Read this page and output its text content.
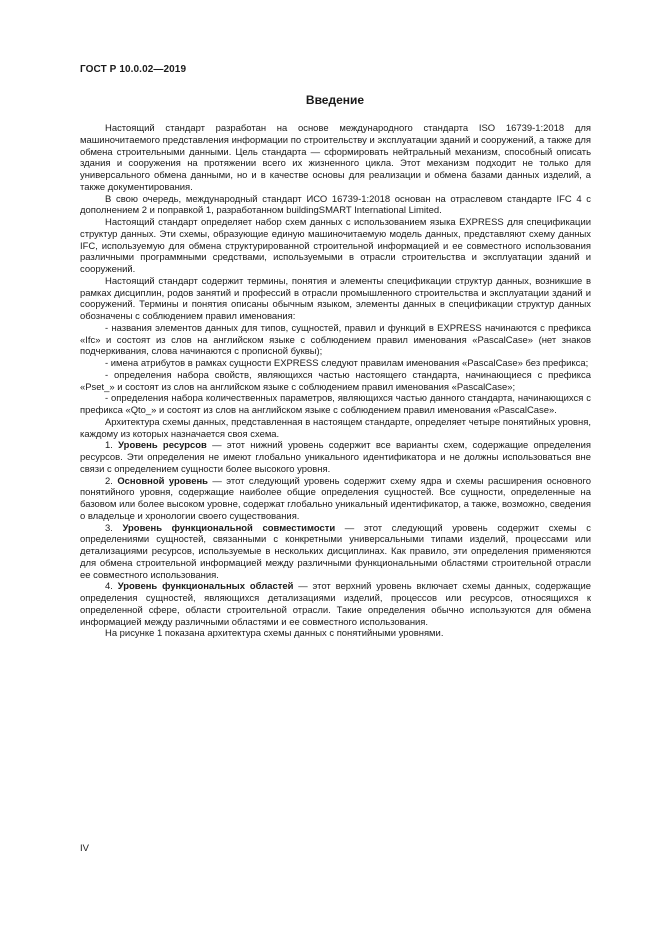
ГОСТ Р 10.0.02—2019
Введение

Настоящий стандарт разработан на основе международного стандарта ISO 16739-1:2018 для машиночитаемого представления информации по строительству и эксплуатации зданий и сооружений, а также для обмена строительными данными. Цель стандарта — сформировать нейтральный механизм, способный описать здания и сооружения на протяжении всего их жизненного цикла. Этот механизм подходит не только для универсального обмена данными, но и в качестве основы для реализации и обмена базами данных изделий, а также документирования.

В свою очередь, международный стандарт ИСО 16739-1:2018 основан на отраслевом стандарте IFC 4 с дополнением 2 и поправкой 1, разработанном buildingSMART International Limited.

Настоящий стандарт определяет набор схем данных с использованием языка EXPRESS для спецификации структур данных. Эти схемы, образующие единую машиночитаемую модель данных, представляют схему данных IFC, используемую для обмена структурированной строительной информацией и ее совместного использования различными программными средствами, используемыми в отрасли строительства и эксплуатации зданий и сооружений.

Настоящий стандарт содержит термины, понятия и элементы спецификации структур данных, возникшие в рамках дисциплин, родов занятий и профессий в отрасли промышленного строительства и эксплуатации зданий и сооружений. Термины и понятия описаны обычным языком, элементы данных в спецификации структур данных обозначены с соблюдением правил именования:

- названия элементов данных для типов, сущностей, правил и функций в EXPRESS начинаются с префикса «Ifc» и состоят из слов на английском языке с соблюдением правил именования «PascalCase» (нет знаков подчеркивания, слова начинаются с прописной буквы);

- имена атрибутов в рамках сущности EXPRESS следуют правилам именования «PascalCase» без префикса;

- определения набора свойств, являющихся частью настоящего стандарта, начинающиеся с префикса «Pset_» и состоят из слов на английском языке с соблюдением правил именования «PascalCase»;

- определения набора количественных параметров, являющихся частью данного стандарта, начинающихся с префикса «Qto_» и состоят из слов на английском языке с соблюдением правил именования «PascalCase».

Архитектура схемы данных, представленная в настоящем стандарте, определяет четыре понятийных уровня, каждому из которых назначается своя схема.

1. Уровень ресурсов — этот нижний уровень содержит все варианты схем, содержащие определения ресурсов. Эти определения не имеют глобально уникального идентификатора и не должны использоваться вне связи с определением сущности более высокого уровня.

2. Основной уровень — этот следующий уровень содержит схему ядра и схемы расширения основного понятийного уровня, содержащие наиболее общие определения сущностей. Все сущности, определенные на базовом или более высоком уровне, содержат глобально уникальный идентификатор, а также, возможно, сведения о владельце и хронологии своего существования.

3. Уровень функциональной совместимости — этот следующий уровень содержит схемы с определениями сущностей, связанными с конкретными универсальными типами изделий, процессами или детализациями ресурсов, используемые в нескольких дисциплинах. Как правило, эти определения применяются для обмена строительной информацией между различными функциональными областями строительной отрасли ее совместного использования.

4. Уровень функциональных областей — этот верхний уровень включает схемы данных, содержащие определения сущностей, являющихся детализациями изделий, процессов или ресурсов, относящихся к определенной сфере, области строительной отрасли. Такие определения обычно используются для обмена информацией между различными областями и ее совместного использования.

На рисунке 1 показана архитектура схемы данных с понятийными уровнями.

IV
